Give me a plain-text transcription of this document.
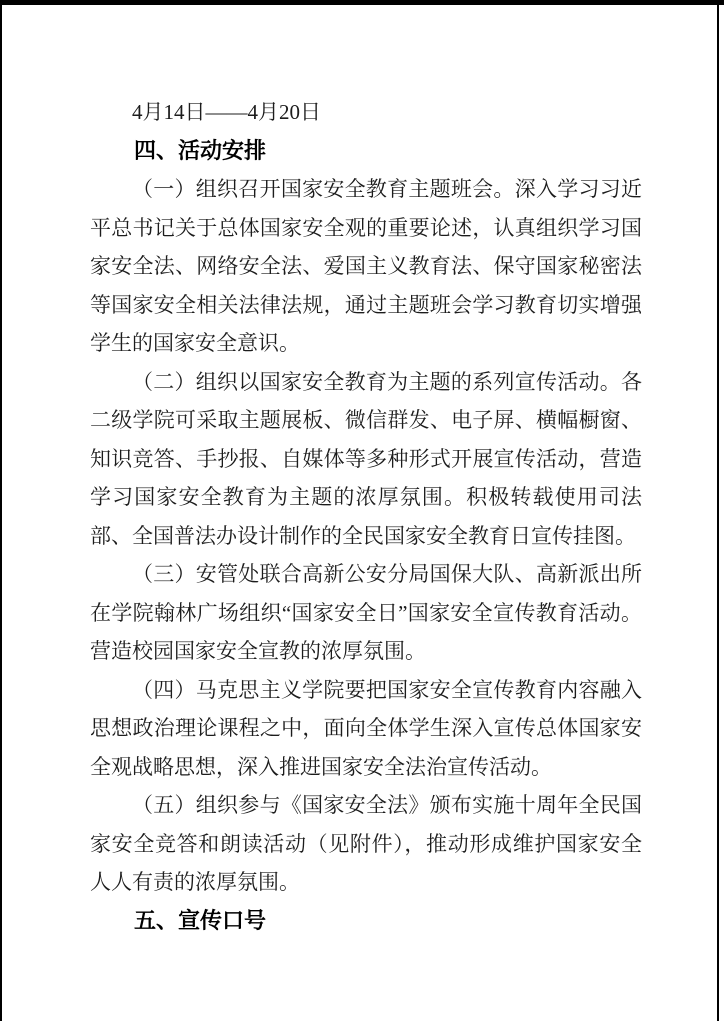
4月14日——4月20日

四、活动安排

（一）组织召开国家安全教育主题班会。深入学习习近平总书记关于总体国家安全观的重要论述，认真组织学习国家安全法、网络安全法、爱国主义教育法、保守国家秘密法等国家安全相关法律法规，通过主题班会学习教育切实增强学生的国家安全意识。

（二）组织以国家安全教育为主题的系列宣传活动。各二级学院可采取主题展板、微信群发、电子屏、横幅橱窗、知识竞答、手抄报、自媒体等多种形式开展宣传活动，营造学习国家安全教育为主题的浓厚氛围。积极转载使用司法部、全国普法办设计制作的全民国家安全教育日宣传挂图。

（三）安管处联合高新公安分局国保大队、高新派出所在学院翰林广场组织“国家安全日”国家安全宣传教育活动。营造校园国家安全宣教的浓厚氛围。

（四）马克思主义学院要把国家安全宣传教育内容融入思想政治理论课程之中，面向全体学生深入宣传总体国家安全观战略思想，深入推进国家安全法治宣传活动。

（五）组织参与《国家安全法》颁布实施十周年全民国家安全竞答和朗读活动（见附件），推动形成维护国家安全人人有责的浓厚氛围。

五、宣传口号
